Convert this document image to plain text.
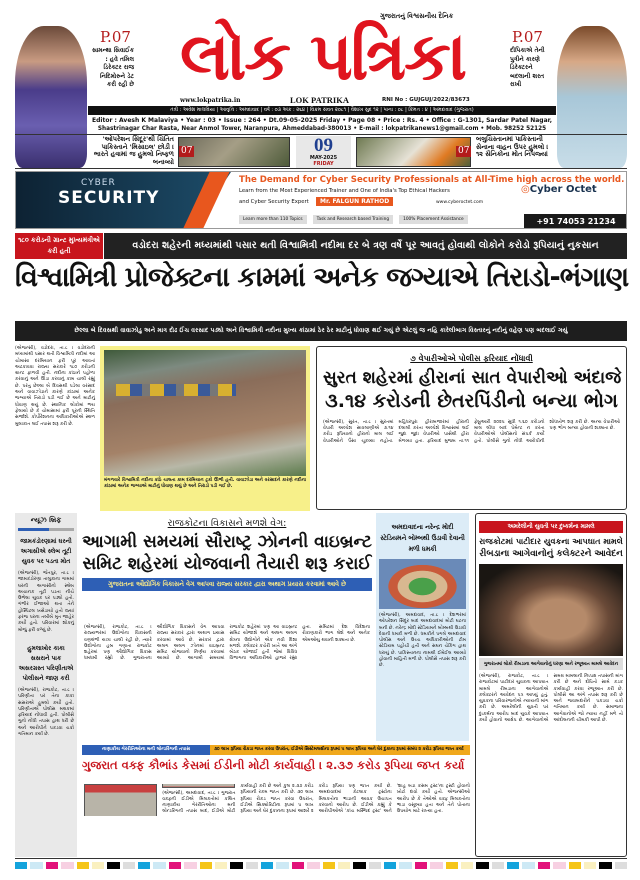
P.07
સામન્થા સિવાઈક : હવે તમિલ ડિરેક્ટર રાજ નિદિમોરુને ડેટ કરી રહી છે
P.07
દીપિકાએ તેની પુત્રીને કારણે ડિરેક્ટરને બદલાની શરત રાખી
ગુજરાતનું વિશ્વસનીય દૈનિક
લોક પત્રિકા
www.lokpatrika.in	LOK PATRIKA	RNI No : GUJGUJ/2022/83673
તંત્રી : અવેશ માલવિયા | આવૃત્તિ : અમદાવાદ | વર્ષ : ૦૩ અંક : ૨૬૪ | વિક્રમ સંવત ૨૦૮૧ | વૈશાખ સુદ ૧૨ | પાના : ૦૮ | કિંમત : ૪ | અમદાવાદ (ગુજરાત)
Editor : Avesh K Malaviya • Year : 03 • Issue : 264 • Dt.09-05-2025 Friday • Page 08 • Price : Rs. 4 • Office : G-1301, Sardar Patel Nagar,
Shastrinagar Char Rasta, Near Anmol Tower, Naranpura, Ahmeddabad-380013 • E-mail : lokpatrikanews1@gmail.com • Mob. 98252 52125
'ઓપરેશન સિંદૂર'થી ચિંતિત પાકિસ્તાને 'મિસાઇલ' છોડી । ભારતે હવામાં જ હુમલો નિષ્ફળ બનાવ્યો
07	09
MAY-2025
FRIDAY
07
બલુચિસ્તાનમાં પાકિસ્તાની સેનાના વાહન ઉપર હુમલો । ૧૨ સૈનિકોના મોત નિપજ્યાં
CYBER
SECURITY
The Demand for Cyber Security Professionals at All-Time high across the world.
Learn from the Most Experienced Trainer and One of India's Top Ethical Hackers
and Cyber Security Expert	Mr. FALGUN RATHOD	www.cyberoctet.com
◎Cyber Octet
Learn more than 110 Topics	Task and Research based Training	100% Placement Assistance	+91 74053 21234
૧૮૦ કરોડની ગ્રાન્ટ મુખ્યમંત્રીએ કરી હતી	વડોદરા શહેરની મધ્યમાંથી પસાર થતી વિશ્વામિત્રી નદીમા દર બે ત્રણ વર્ષે પૂર આવતું હોવાથી લોકોને કરોડો રૂપિયાનું નુકસાન
વિશ્વામિત્રી પ્રોજેક્ટના કામમાં અનેક જગ્યાએ તિરાડો-ભંગાણ
છેલ્લા બે દિવસથી વાવાઝોડુ અને માત્ર દોઢ ઈંચ વરસાદ પડ્યો અને વિશ્વામિત્રી નદીના મુખ્ય કાંઠામાં ઠેર ઠેર માટીનું ધોવાણ થઈ ગયું છે એટલું જ નહિ કારેલીબાગ વિસ્તારનું નદીનું વહેણ પણ બદલાઈ ગયું
(એજન્સી), વડોદરા, તા.૮ । વડોદરાની મધ્યમાંથી પસાર થતી વિશ્વામિત્રી નદીમાં આ ચોમાસા દરમિયાન ફરી પૂર આવતાં અટકાવવા રાજ્ય સરકારે ૧૮૦ કરોડની ગ્રાન્ટ ફાળવી હતી. નદીના કાંઠાને પહોળા કરવાનું અને ઊંડા કરવાનું કામ ચાલી રહ્યું છે. પરંતુ છેલ્લા બે દિવસથી પડેલા વરસાદ અને વાવાઝોડાને કારણે કાંઠામાં અનેક જગ્યાએ તિરાડો પડી ગઈ છે અને માટીનું ધોવાણ થયું છે. સ્થાનિક લોકોમાં ભય ફેલાયો છે કે ચોમાસામાં ફરી પૂરની સ્થિતિ સર્જાશે. કોર્પોરેશનના અધિકારીઓએ સ્થળ મુલાકાત લઈ તપાસ શરૂ કરી છે.
મંગળવારે વિશ્વામિત્રી નદીના કાંઠે ચાલતા કામ દરમિયાન ટ્રકો ઊભી હતી. વાવાઝોડા અને વરસાદને કારણે નદીના કાંઠામાં અનેક જગ્યાએ માટીનું ધોવાણ થયું છે અને તિરાડો પડી ગઈ છે.
૭ વેપારીઓએ પોલીસ ફરિયાદ નોંધાવી
સુરત શહેરમાં હીરાનાં સાત વેપારીઓ અંદાજે
૩.૧૪ કરોડની છેતરપિંડીનો બન્યા ભોગ
(એજન્સી), સુરત, તા.૮ । સુરતમાં વેપારી અલ્પેશ સાવલાણીએ ૩.૧૪ કરોડ રૂપિયાનો હીરાનો માલ લઈ વેપારીઓને પૈસા ચૂકવ્યા નહોતા. મહિધરપુરા હીરાબજારમાં હીરાની દલાલી કરતા અલ્પેશે વિશ્વાસમાં લઈ જુદા જુદા વેપારીઓ પાસેથી હીરા મેળવ્યા હતા. ફરિયાદ મુજબ તા.૧૧ ફેબ્રુઆરી ૨૦૨૫ સુધી ૧.૬૦ કરોડનો માલ લીધા બાદ પેમેન્ટ ન કરતા વેપારીઓએ પોલીસનો સંપર્ક કર્યો હતો. પોલીસે ગુનો નોંધી આરોપીની શોધખોળ શરૂ કરી છે. અન્ય વેપારીઓ પણ ભોગ બન્યા હોવાની શક્યતા છે.
ન્યૂઝ બ્રિફ
જામકંડોરણામાં ઘરની અગાસીએ સ્લેબ તૂટી યુવક પર પડતા મોત
(એજન્સી), જેતપુર, તા.૮ । જામકંડોરણા તાલુકાના ગામમાં ઘરની અગાસીનો સ્લેબ અચાનક તૂટી પડતા નીચે ઉભેલા યુવક પર પડ્યો હતો. ગંભીર ઈજાઓ થતા તેને હોસ્પિટલ ખસેડાયો હતો જ્યાં ફરજ પરના તબીબે મૃત જાહેર કર્યો હતો. પરિવારમાં શોકનું મોજું ફરી વળ્યું છે.
હુમલાખોર કાકા સસરાને પાક અસરગ્રસ્ત પરિણીતાએ પોલીસને જાણ કરી
(એજન્સી), રાજકોટ, તા.૮ । પરિણીતા પર તેના કાકા સસરાએ હુમલો કર્યો હતો. પરિણીતાએ પોલીસ મથકમાં ફરિયાદ નોંધાવી હતી. પોલીસે ગુનો નોંધી તપાસ હાથ ધરી છે અને આરોપીને પકડવા ચક્રો ગતિમાન કર્યા છે.
રાજકોટના વિકાસને મળશે વેગ:
આગામી સમયમાં સૌરાષ્ટ્ર ઝોનની વાઇબ્રન્ટ
સમિટ શહેરમાં યોજવાની તૈયારી શરૂ કરાઈ
ગુજરાતના ઔદ્યોગિક વિકાસને વેગ આપવા રાજ્ય સરકાર દ્વારા અથાગ પ્રયાસ કરવામાં આવે છે
(એજન્સી), રાજકોટ, તા.૮ । રાજ્યભરમાં ઉદ્યોગોના વિકાસની વણથંભી યાત્રા ચાલી રહી છે, ત્યારે ઉદ્યોગોના હબ ગણાતા રાજકોટ શહેરમાં પણ ઔદ્યોગિક વિકાસ ધમધમી રહ્યો છે. ગુજરાતના ઔદ્યોગિક વિકાસને વેગ આપવા રાજ્ય સરકાર દ્વારા અથાગ પ્રયાસ કરવામાં આવે છે. સરકાર દ્વારા અલગ અલગ ઝોનમાં વાઇબ્રન્ટ સમિટ યોજવાનો નિર્ણય કરવામાં આવ્યો છે. આગામી સમયમાં રાજકોટ શહેરમાં પણ આ વાઇબ્રન્ટ સમિટ યોજાશે અને અલગ અલગ ક્ષેત્રના ઉદ્યોગોને એક નવી દિશા મળશે. કલેક્ટર કચેરી ખાતે આ અંગે બેઠક યોજાઈ હતી જેમાં વિવિધ વિભાગના અધિકારીઓ હાજર રહ્યા હતા. સમિટમાં દેશ વિદેશના રોકાણકારો ભાગ લેશે અને અનેક એમઓયુ થવાની શક્યતા છે.
અમદાવાદના નરેન્દ્ર મોદી સ્ટેડિયમને બોમ્બથી ઉડાવી દેવાની મળી ધમકી
(એજન્સી), અમદાવાદ, તા.૮ । દેશભરમાં ઓપરેશન સિંદૂર બાદ અમદાવાદમાં મોટી ઘટના બની છે. નરેન્દ્ર મોદી સ્ટેડિયમને બોમ્બથી ઉડાવી દેવાની ધમકી મળી છે. ધમકીને પગલે અમદાવાદ પોલીસ અને ઉચ્ચ અધિકારીઓની ટીમ સ્ટેડિયમ પહોંચી હતી અને સઘન ચેકિંગ હાથ ધરાયું છે. પાકિસ્તાનના નામથી ઈમેઈલ આવ્યો હોવાની માહિતી મળી છે. પોલીસે તપાસ શરૂ કરી છે.
અમરેલીની યુવતી પર દુષ્કર્મના મામલે
રાજકોટમાં પાટીદાર યુવકના આપઘાત મામલે
રીબડાના આગેવાનોનું કલેક્ટરને આવેદન
ગુજરાતમાં લોકો રીબડાના આગેવાનોનું ધરણા અને રજૂઆત મામલે આવેદન
(એજન્સી), રાજકોટ, તા.૮ । રાજકોટમાં પાટીદાર યુવકના આપઘાત મામલે રીબડાના આગેવાનોએ કલેક્ટરને આવેદન પત્ર આપ્યું હતું. યુવકના પરિવારજનોએ ન્યાયની માંગ કરી છે. અમરેલીની યુવતી પર દુષ્કર્મના આરોપ બાદ યુવકે આપઘાત કર્યો હોવાનો આક્ષેપ છે. આગેવાનોએ સમગ્ર મામલાની નિષ્પક્ષ તપાસની માંગ કરી છે અને દોષિતો સામે કડક કાર્યવાહી કરવા રજૂઆત કરી છે. પોલીસે આ અંગે તપાસ શરૂ કરી છે અને જવાબદારોને પકડવા ચક્રો ગતિમાન કર્યા છે. સમાજના આગેવાનોએ જો ન્યાય નહીં મળે તો આંદોલનની ચીમકી આપી છે.
નાણાકીય ગેરરીતિઓના મની લોન્ડરિંગની તપાસ	૩૦ લાખ રૂપિયા રોકડા જપ્ત કરવા ઉપરાંત, ઈડીએ સિસ્ટેમલક્ષીના રૂપમાં ૫ લાખ રૂપિયા અને ઘેર દુકાના રૂપમાં સંબંધ ૨ કરોડ રૂપિયા જપ્ત કર્યા
ગુજરાત વક્ફ કૌભાંડ કેસમાં ઈડીની મોટી કાર્યવાહી । ૨.૩૭ કરોડ રૂપિયા જપ્ત કર્યા
(એજન્સી), અમદાવાદ, તા.૮ । ગુજરાત વક્ફની ઈડીએ મિલકતોમાં કથિત નાણાકીય ગેરરીતિઓના મની લોન્ડરિંગની તપાસ બાદ, ઈડીએ મોટી કાર્યવાહી કરી છે અને કુલ ૨.૩૭ કરોડ રૂપિયાની રકમ જપ્ત કરી છે. ૩૦ લાખ રૂપિયા રોકડ જપ્ત કરવા ઉપરાંત, ઈડીએ સિક્યોરિટીના રૂપમાં ૫ લાખ રૂપિયા અને ઘેર દુકાનના રૂપમાં આશરે ૨ કરોડ રૂપિયા પણ જપ્ત કર્યા છે. અમદાવાદમાં કેટલાક ટ્રસ્ટોના મિલકતોના ભાડાની આવક ઉચાપત કરવાનો આરોપ છે. ઈડીએ કહ્યું કે આરોપીઓએ 'કાંચ મસ્જિદ ટ્રસ્ટ' અને 'શાહ બડા કસમ ટ્રસ્ટ'ના ટ્રસ્ટી હોવાનો ખોટો દાવો કર્યો હતો. એજન્સીઓ આરોપ છે કે તેઓએ વક્ફ મિલકતોના ભાડા વસૂલ્યા હતા અને તેને પોતાના ઉપયોગ માટે રાખ્યા હતા.
